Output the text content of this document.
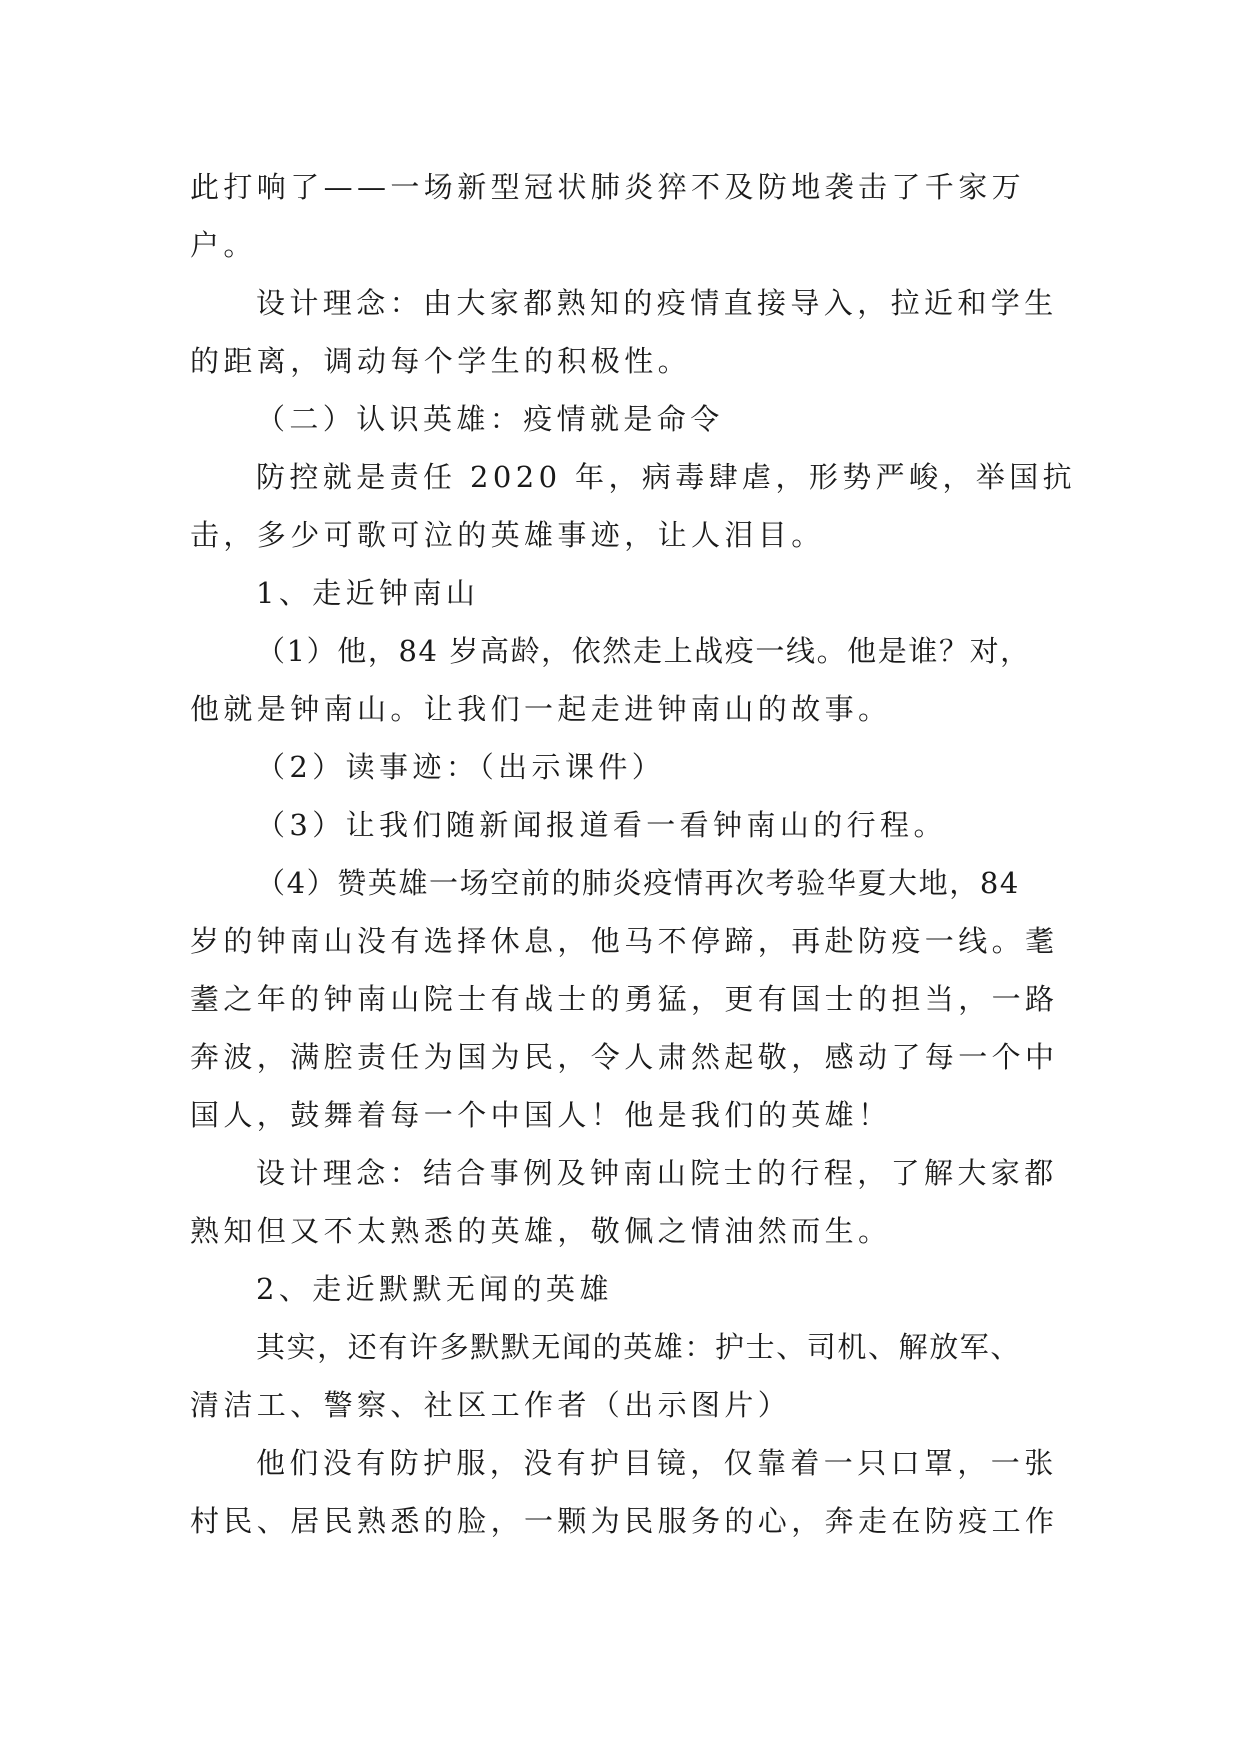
此打响了——一场新型冠状肺炎猝不及防地袭击了千家万
户。
设计理念：由大家都熟知的疫情直接导入，拉近和学生
的距离，调动每个学生的积极性。
（二）认识英雄：疫情就是命令
防控就是责任 2020 年，病毒肆虐，形势严峻，举国抗
击，多少可歌可泣的英雄事迹，让人泪目。
1、走近钟南山
（1）他，84 岁高龄，依然走上战疫一线。他是谁？对，
他就是钟南山。让我们一起走进钟南山的故事。
（2）读事迹：（出示课件）
（3）让我们随新闻报道看一看钟南山的行程。
（4）赞英雄一场空前的肺炎疫情再次考验华夏大地，84
岁的钟南山没有选择休息，他马不停蹄，再赴防疫一线。耄
耋之年的钟南山院士有战士的勇猛，更有国士的担当，一路
奔波，满腔责任为国为民，令人肃然起敬，感动了每一个中
国人，鼓舞着每一个中国人！他是我们的英雄！
设计理念：结合事例及钟南山院士的行程，了解大家都
熟知但又不太熟悉的英雄，敬佩之情油然而生。
2、走近默默无闻的英雄
其实，还有许多默默无闻的英雄：护士、司机、解放军、
清洁工、警察、社区工作者（出示图片）
他们没有防护服，没有护目镜，仅靠着一只口罩，一张
村民、居民熟悉的脸，一颗为民服务的心，奔走在防疫工作
